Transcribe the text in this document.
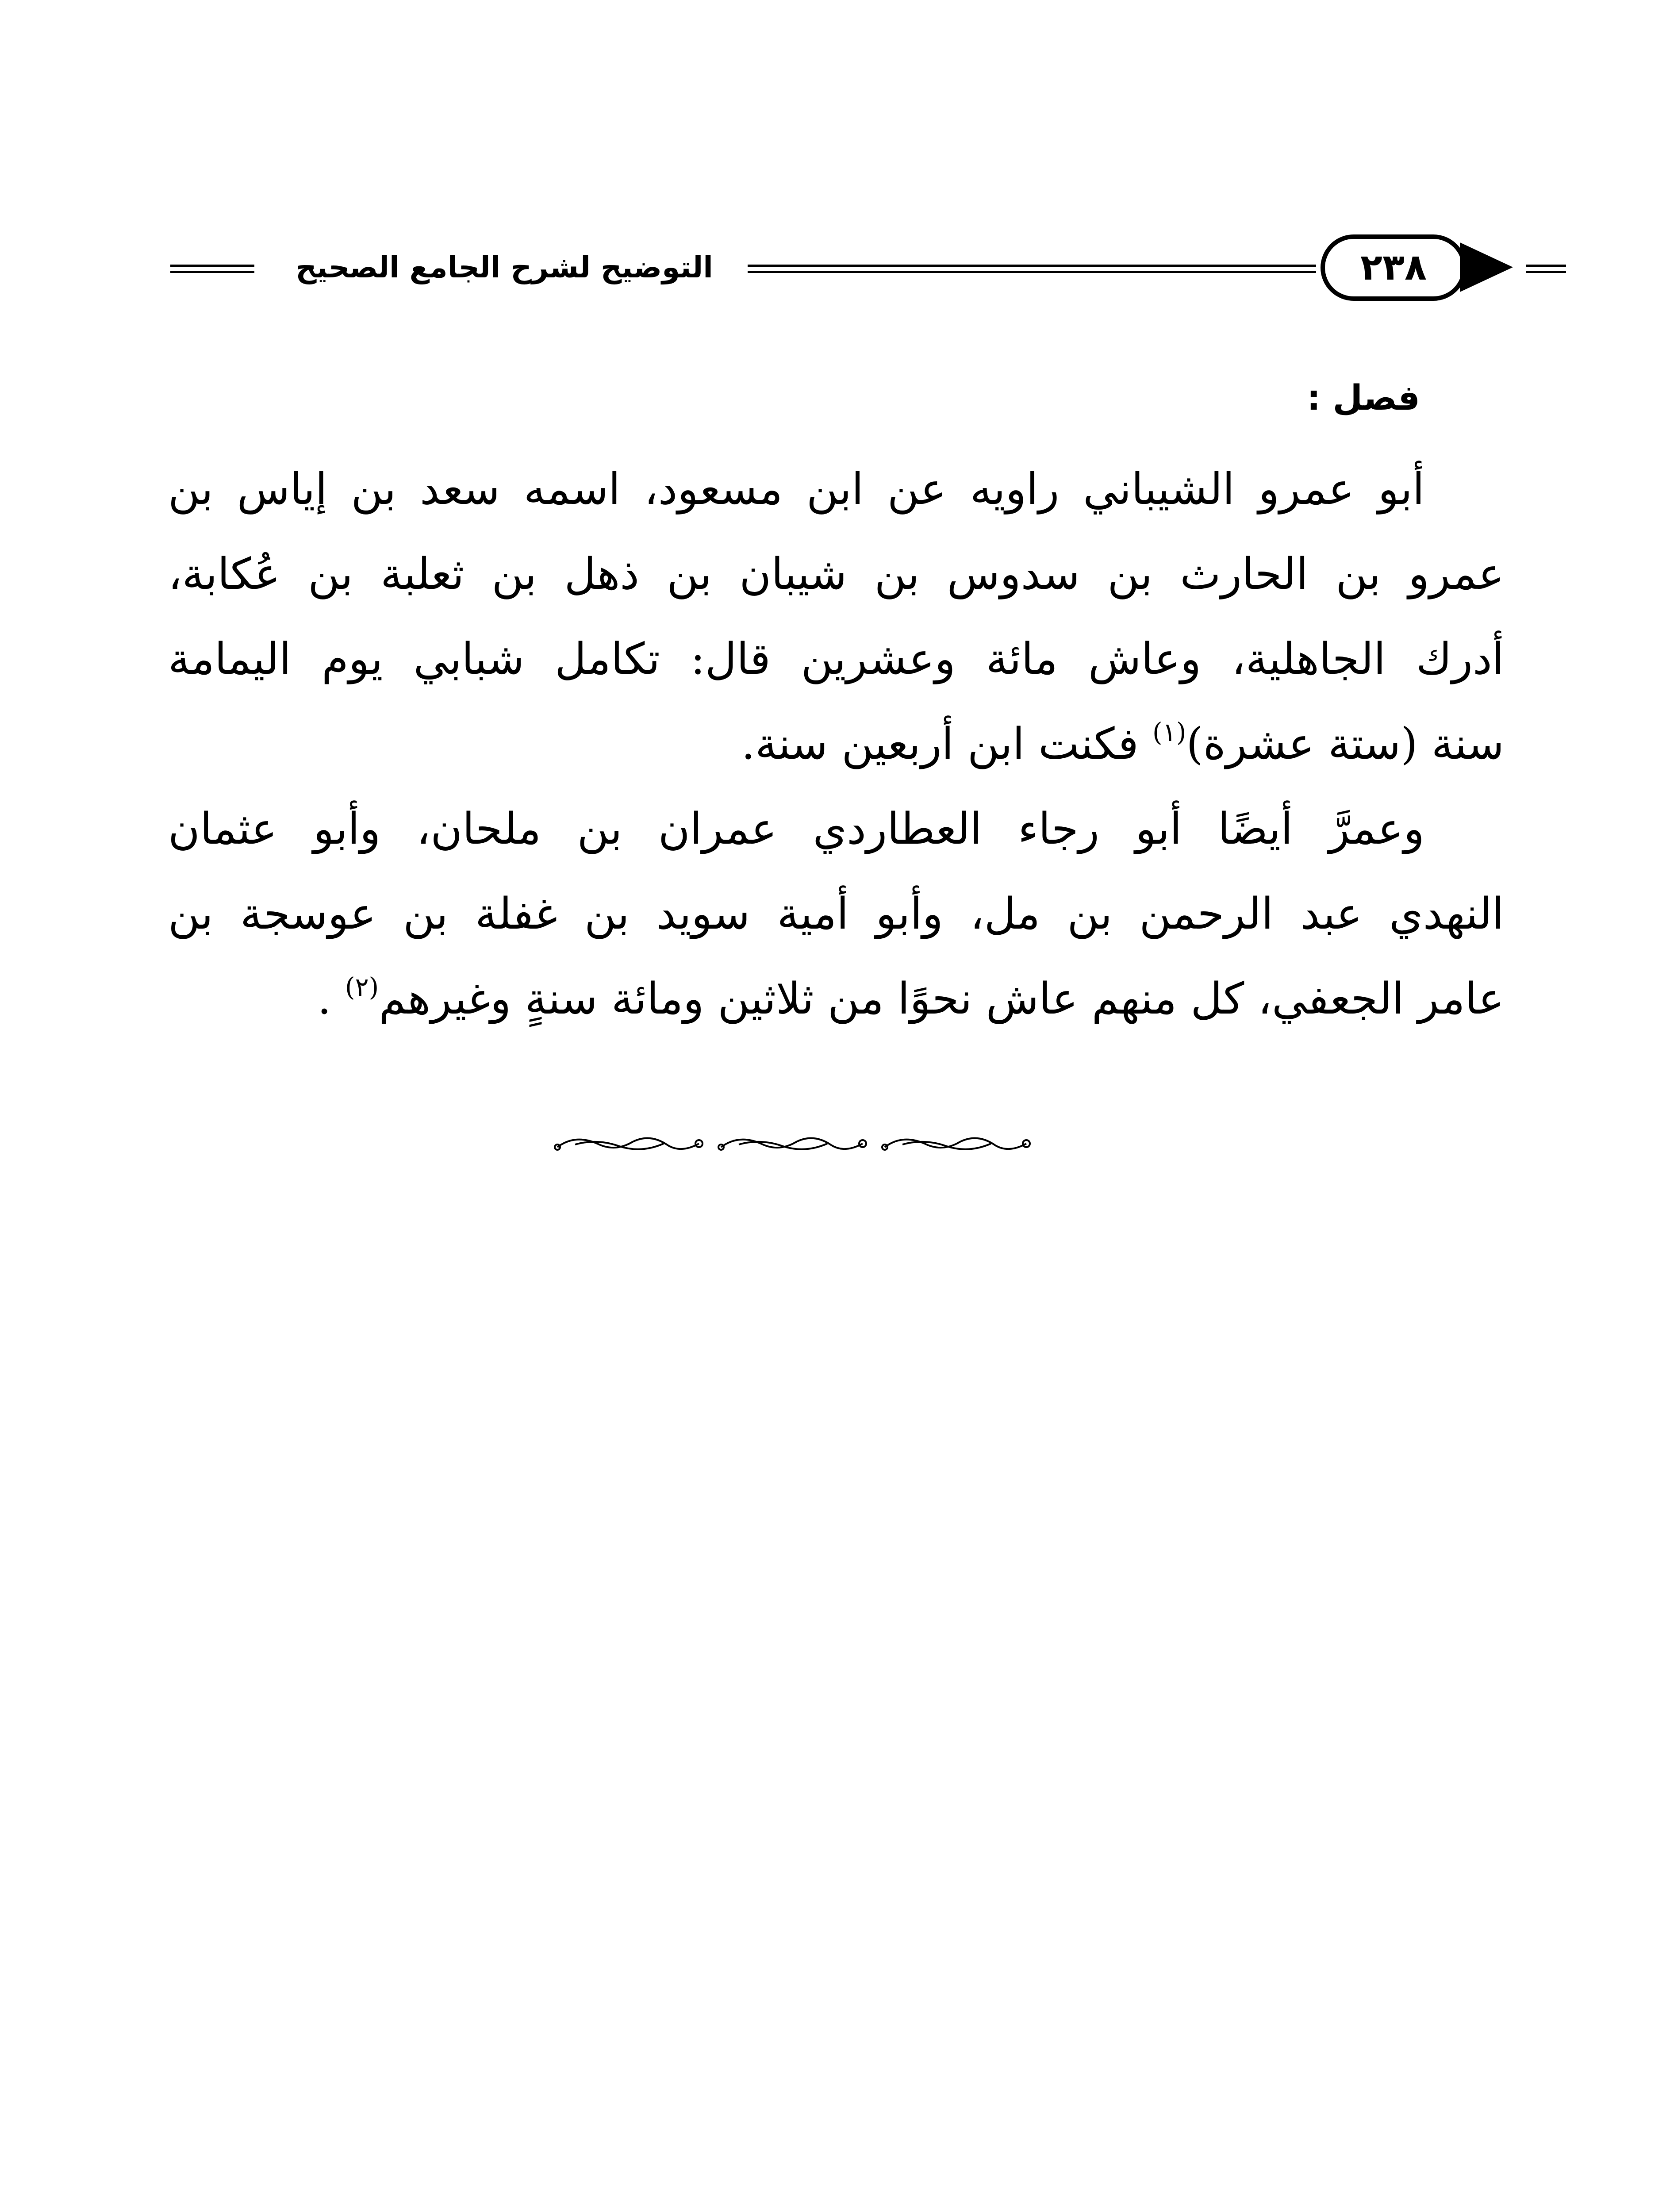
التوضيح لشرح الجامع الصحيح	٢٣٨
فصل :
أبو عمرو الشيباني راويه عن ابن مسعود، اسمه سعد بن إياس بن
عمرو بن الحارث بن سدوس بن شيبان بن ذهل بن ثعلبة بن عُكابة،
أدرك الجاهلية، وعاش مائة وعشرين قال: تكامل شبابي يوم اليمامة
سنة (ستة عشرة)$^{(١)}$ فكنت ابن أربعين سنة.
وعمرَّ أيضًا أبو رجاء العطاردي عمران بن ملحان، وأبو عثمان
النهدي عبد الرحمن بن مل، وأبو أمية سويد بن غفلة بن عوسجة بن
عامر الجعفي، كل منهم عاش نحوًا من ثلاثين ومائة سنةٍ وغيرهم$^{(٢)}$ .
